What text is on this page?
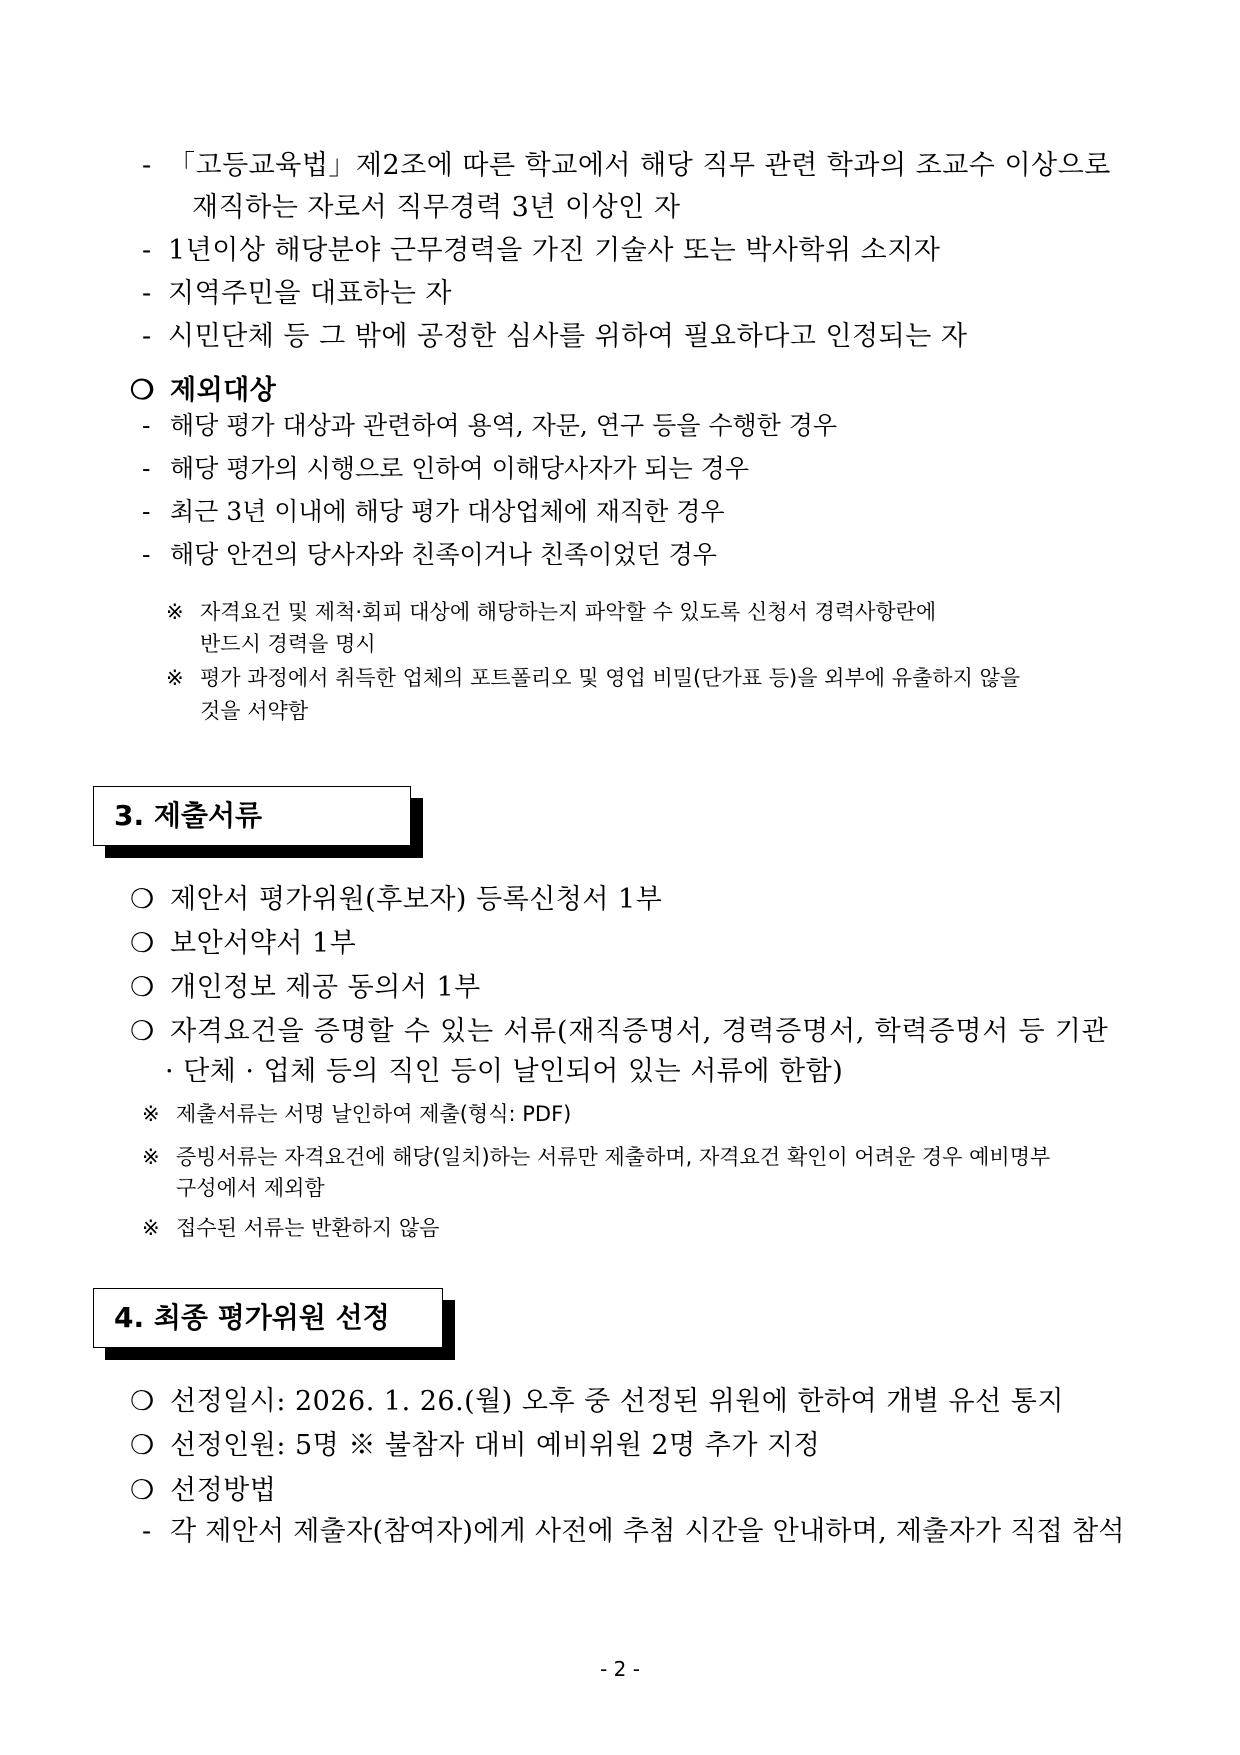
- 「고등교육법」제2조에 따른 학교에서 해당 직무 관련 학과의 조교수 이상으로
재직하는 자로서 직무경력 3년 이상인 자
- 1년이상 해당분야 근무경력을 가진 기술사 또는 박사학위 소지자
- 지역주민을 대표하는 자
- 시민단체 등 그 밖에 공정한 심사를 위하여 필요하다고 인정되는 자
❍ 제외대상
- 해당 평가 대상과 관련하여 용역, 자문, 연구 등을 수행한 경우
- 해당 평가의 시행으로 인하여 이해당사자가 되는 경우
- 최근 3년 이내에 해당 평가 대상업체에 재직한 경우
- 해당 안건의 당사자와 친족이거나 친족이었던 경우
※ 자격요건 및 제척·회피 대상에 해당하는지 파악할 수 있도록 신청서 경력사항란에
반드시 경력을 명시
※ 평가 과정에서 취득한 업체의 포트폴리오 및 영업 비밀(단가표 등)을 외부에 유출하지 않을
것을 서약함
3. 제출서류
❍ 제안서 평가위원(후보자) 등록신청서 1부
❍ 보안서약서 1부
❍ 개인정보 제공 동의서 1부
❍ 자격요건을 증명할 수 있는 서류(재직증명서, 경력증명서, 학력증명서 등 기관
· 단체 · 업체 등의 직인 등이 날인되어 있는 서류에 한함)
※ 제출서류는 서명 날인하여 제출(형식: PDF)
※ 증빙서류는 자격요건에 해당(일치)하는 서류만 제출하며, 자격요건 확인이 어려운 경우 예비명부
구성에서 제외함
※ 접수된 서류는 반환하지 않음
4. 최종 평가위원 선정
❍ 선정일시: 2026. 1. 26.(월) 오후 중 선정된 위원에 한하여 개별 유선 통지
❍ 선정인원: 5명 ※ 불참자 대비 예비위원 2명 추가 지정
❍ 선정방법
- 각 제안서 제출자(참여자)에게 사전에 추첨 시간을 안내하며, 제출자가 직접 참석
- 2 -
